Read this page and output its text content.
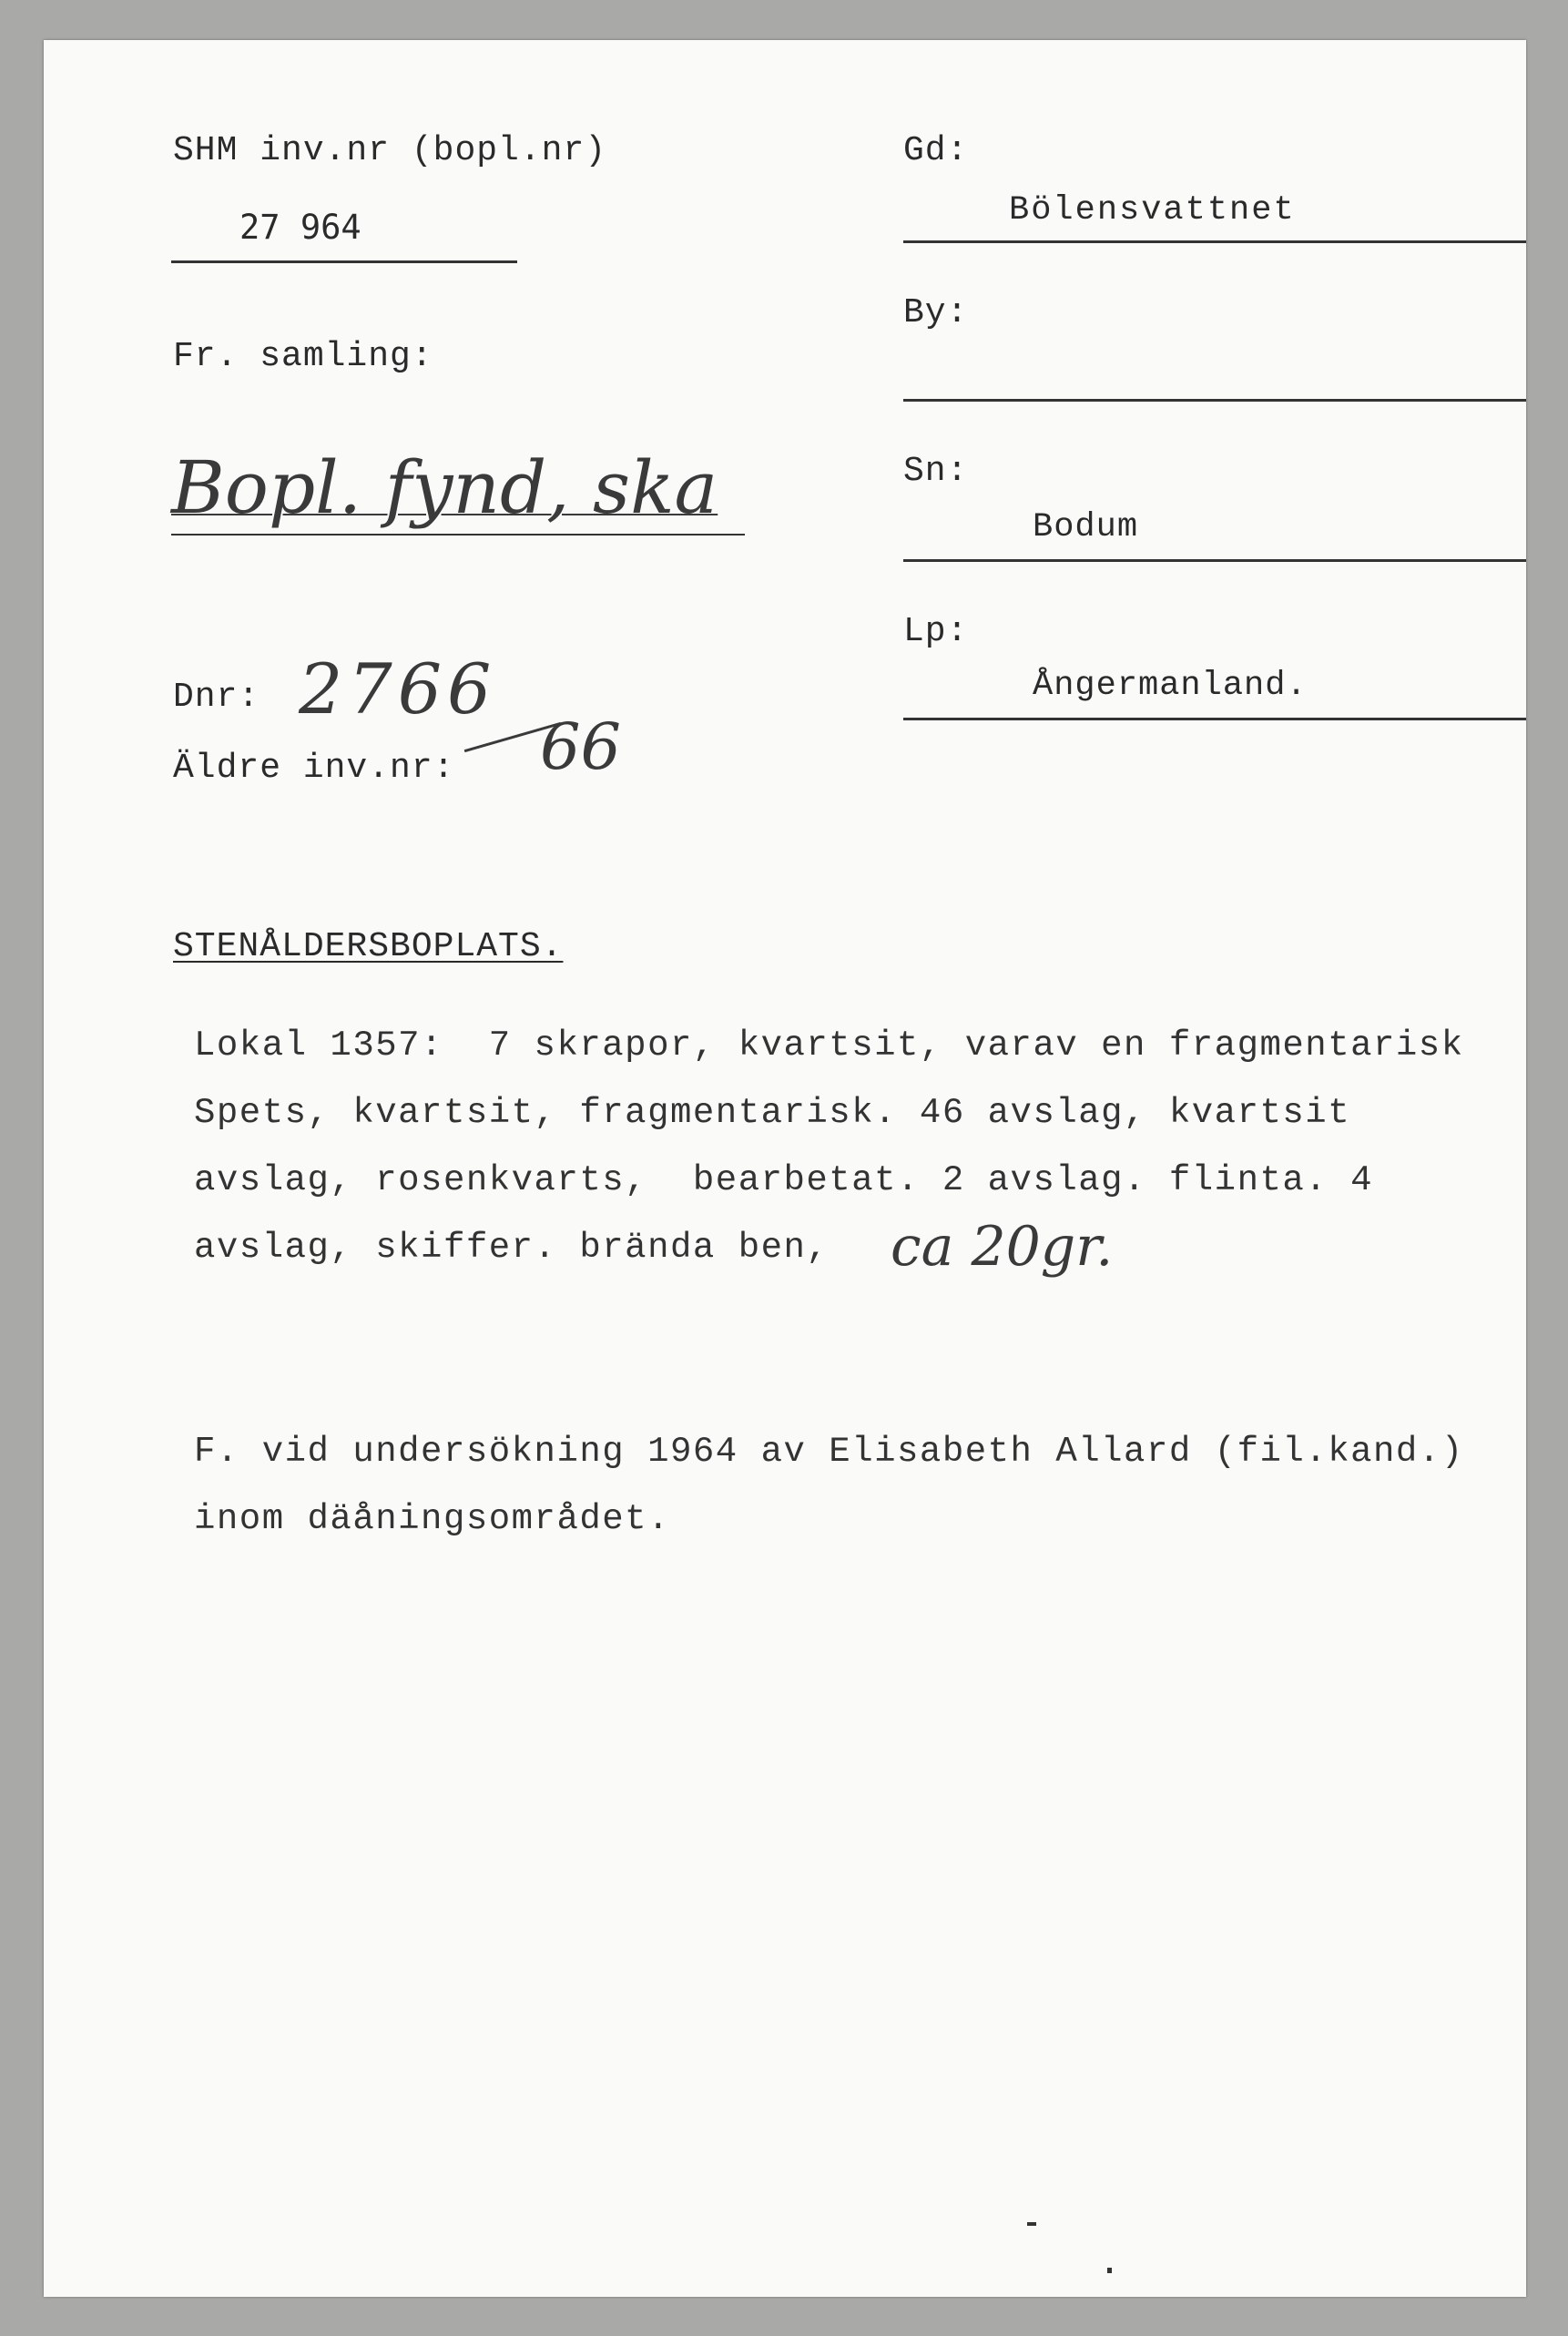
SHM inv.nr (bopl.nr)
27 964
Fr. samling:
Bopl. fynd, ska
Dnr: 2766
66
Äldre inv.nr:
Gd:
Bölensvattnet
By:
Sn:
Bodum
Lp:
Ångermanland.
STENÅLDERSBOPLATS.
Lokal 1357:  7 skrapor, kvartsit, varav en fragmentarisk
Spets, kvartsit, fragmentarisk. 46 avslag, kvartsit
avslag, rosenkvarts,  bearbetat. 2 avslag. flinta. 4
avslag, skiffer. brända ben, ca 20gr.
F. vid undersökning 1964 av Elisabeth Allard (fil.kand.)
inom däåningsområdet.
